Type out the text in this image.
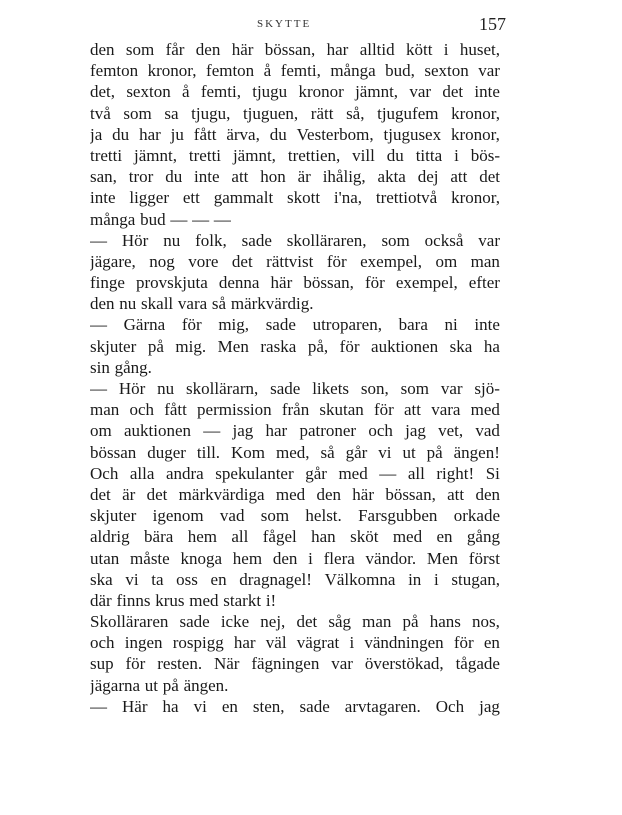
SKYTTE	157
den som får den här bössan, har alltid kött i huset,
femton kronor, femton å femti, många bud, sexton var
det, sexton å femti, tjugu kronor jämnt, var det inte
två som sa tjugu, tjuguen, rätt så, tjugufem kronor,
ja du har ju fått ärva, du Vesterbom, tjugusex kronor,
tretti jämnt, tretti jämnt, trettien, vill du titta i bös-
san, tror du inte att hon är ihålig, akta dej att det
inte ligger ett gammalt skott i'na, trettiotvå kronor,
många bud — — —
— Hör nu folk, sade skolläraren, som också var
jägare, nog vore det rättvist för exempel, om man
finge provskjuta denna här bössan, för exempel, efter
den nu skall vara så märkvärdig.
— Gärna för mig, sade utroparen, bara ni inte
skjuter på mig. Men raska på, för auktionen ska ha
sin gång.
— Hör nu skollärarn, sade likets son, som var sjö-
man och fått permission från skutan för att vara med
om auktionen — jag har patroner och jag vet, vad
bössan duger till. Kom med, så går vi ut på ängen!
Och alla andra spekulanter går med — all right! Si
det är det märkvärdiga med den här bössan, att den
skjuter igenom vad som helst. Farsgubben orkade
aldrig bära hem all fågel han sköt med en gång
utan måste knoga hem den i flera vändor. Men först
ska vi ta oss en dragnagel! Välkomna in i stugan,
där finns krus med starkt i!
Skolläraren sade icke nej, det såg man på hans nos,
och ingen rospigg har väl vägrat i vändningen för en
sup för resten. När fägningen var överstökad, tågade
jägarna ut på ängen.
— Här ha vi en sten, sade arvtagaren. Och jag
